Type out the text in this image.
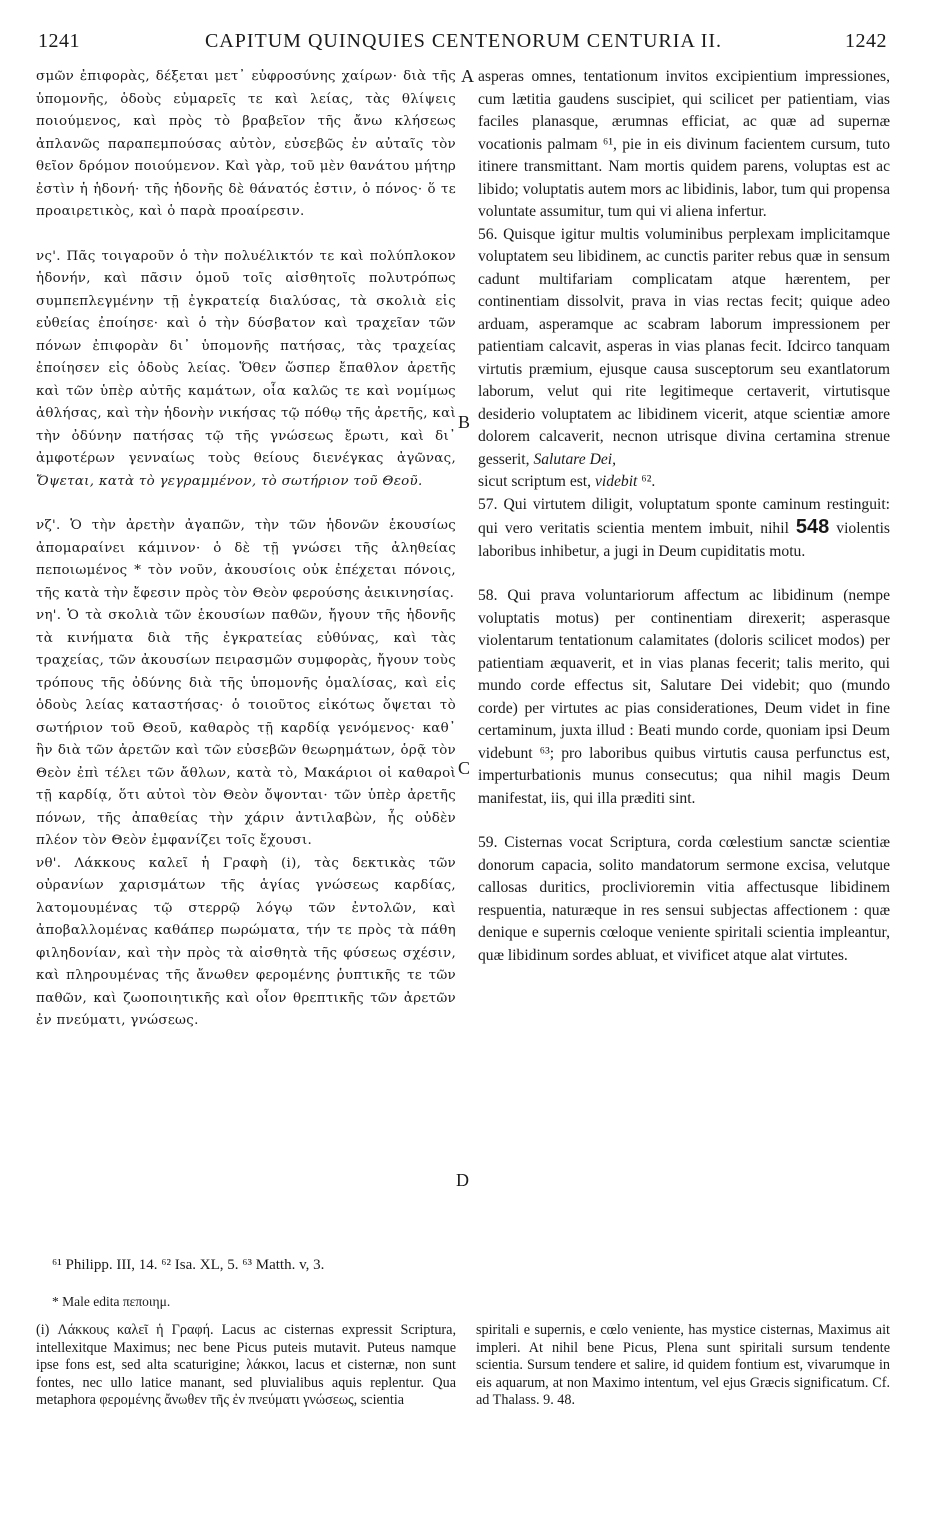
1241	CAPITUM QUINQUIES CENTENORUM CENTURIA II.	1242
A
B
C
D

σμῶν ἐπιφορὰς, δέξεται μετ᾽ εὐφροσύνης χαίρων· διὰ τῆς ὑπομονῆς, ὁδοὺς εὐμαρεῖς τε καὶ λείας, τὰς θλίψεις ποιούμενος, καὶ πρὸς τὸ βραβεῖον τῆς ἄνω κλήσεως ἀπλανῶς παραπεμπούσας αὐτὸν, εὐσεβῶς ἐν αὐταῖς τὸν θεῖον δρόμον ποιούμενον. Καὶ γὰρ, τοῦ μὲν θανάτου μήτηρ ἐστὶν ἡ ἡδονή· τῆς ἡδονῆς δὲ θάνατός ἐστιν, ὁ πόνος· ὅ τε προαιρετικὸς, καὶ ὁ παρὰ προαίρεσιν.

νς'. Πᾶς τοιγαροῦν ὁ τὴν πολυέλικτόν τε καὶ πολύπλοκον ἡδονήν, καὶ πᾶσιν ὁμοῦ τοῖς αἰσθητοῖς πολυτρόπως συμπεπλεγμένην τῇ ἐγκρατείᾳ διαλύσας, τὰ σκολιὰ εἰς εὐθείας ἐποίησε· καὶ ὁ τὴν δύσβατον καὶ τραχεῖαν τῶν πόνων ἐπιφορὰν δι᾽ ὑπομονῆς πατήσας, τὰς τραχείας ἐποίησεν εἰς ὁδοὺς λείας. Ὅθεν ὥσπερ ἔπαθλον ἀρετῆς καὶ τῶν ὑπὲρ αὐτῆς καμάτων, οἷα καλῶς τε καὶ νομίμως ἀθλήσας, καὶ τὴν ἡδονὴν νικήσας τῷ πόθῳ τῆς ἀρετῆς, καὶ τὴν ὀδύνην πατήσας τῷ τῆς γνώσεως ἔρωτι, καὶ δι᾽ ἀμφοτέρων γενναίως τοὺς θείους διενέγκας ἀγῶνας, Ὄψεται, κατὰ τὸ γεγραμμένον, τὸ σωτήριον τοῦ Θεοῦ.

νζ'. Ὁ τὴν ἀρετὴν ἀγαπῶν, τὴν τῶν ἡδονῶν ἑκουσίως ἀπομαραίνει κάμινον· ὁ δὲ τῇ γνώσει τῆς ἀληθείας πεποιωμένος * τὸν νοῦν, ἀκουσίοις οὐκ ἐπέχεται πόνοις, τῆς κατὰ τὴν ἔφεσιν πρὸς τὸν Θεὸν φερούσης ἀεικινησίας.

νη'. Ὁ τὰ σκολιὰ τῶν ἑκουσίων παθῶν, ἤγουν τῆς ἡδονῆς τὰ κινήματα διὰ τῆς ἐγκρατείας εὐθύνας, καὶ τὰς τραχείας, τῶν ἀκουσίων πειρασμῶν συμφορὰς, ἤγουν τοὺς τρόπους τῆς ὀδύνης διὰ τῆς ὑπομονῆς ὁμαλίσας, καὶ εἰς ὁδοὺς λείας καταστήσας· ὁ τοιοῦτος εἰκότως ὄψεται τὸ σωτήριον τοῦ Θεοῦ, καθαρὸς τῇ καρδίᾳ γενόμενος· καθ᾽ ἣν διὰ τῶν ἀρετῶν καὶ τῶν εὐσεβῶν θεωρημάτων, ὁρᾷ τὸν Θεὸν ἐπὶ τέλει τῶν ἄθλων, κατὰ τὸ, Μακάριοι οἱ καθαροὶ τῇ καρδίᾳ, ὅτι αὐτοὶ τὸν Θεὸν ὄψονται· τῶν ὑπὲρ ἀρετῆς πόνων, τῆς ἀπαθείας τὴν χάριν ἀντιλαβὼν, ἧς οὐδὲν πλέον τὸν Θεὸν ἐμφανίζει τοῖς ἔχουσι.

νθ'. Λάκκους καλεῖ ἡ Γραφὴ (i), τὰς δεκτικὰς τῶν οὐρανίων χαρισμάτων τῆς ἁγίας γνώσεως καρδίας, λατομουμένας τῷ στερρῷ λόγῳ τῶν ἐντολῶν, καὶ ἀποβαλλομένας καθάπερ πωρώματα, τήν τε πρὸς τὰ πάθη φιληδονίαν, καὶ τὴν πρὸς τὰ αἰσθητὰ τῆς φύσεως σχέσιν, καὶ πληρουμένας τῆς ἄνωθεν φερομένης ῥυπτικῆς τε τῶν παθῶν, καὶ ζωοποιητικῆς καὶ οἷον θρεπτικῆς τῶν ἀρετῶν ἐν πνεύματι, γνώσεως.

asperas omnes, tentationum invitos excipientium impressiones, cum lætitia gaudens suscipiet, qui scilicet per patientiam, vias faciles planasque, ærumnas efficiat, ac quæ ad supernæ vocationis palmam ⁶¹, pie in eis divinum facientem cursum, tuto itinere transmittant. Nam mortis quidem parens, voluptas est ac libido; voluptatis autem mors ac libidinis, labor, tum qui propensa voluntate assumitur, tum qui vi aliena infertur.

56. Quisque igitur multis voluminibus perplexam implicitamque voluptatem seu libidinem, ac cunctis pariter rebus quæ in sensum cadunt multifariam complicatam atque hærentem, per continentiam dissolvit, prava in vias rectas fecit; quique adeo arduam, asperamque ac scabram laborum impressionem per patientiam calcavit, asperas in vias planas fecit. Idcirco tanquam virtutis præmium, ejusque causa susceptorum seu exantlatorum laborum, velut qui rite legitimeque certaverit, virtutisque desiderio voluptatem ac libidinem vicerit, atque scientiæ amore dolorem calcaverit, necnon utrisque divina certamina strenue gesserit, Salutare Dei,
sicut scriptum est, videbit ⁶².

57. Qui virtutem diligit, voluptatum sponte caminum restinguit: qui vero veritatis scientia mentem imbuit, nihil 548 violentis laboribus inhibetur, a jugi in Deum cupiditatis motu.

58. Qui prava voluntariorum affectum ac libidinum (nempe voluptatis motus) per continentiam direxerit; asperasque violentarum tentationum calamitates (doloris scilicet modos) per patientiam æquaverit, et in vias planas fecerit; talis merito, qui mundo corde effectus sit, Salutare Dei videbit; quo (mundo corde) per virtutes ac pias considerationes, Deum videt in fine certaminum, juxta illud : Beati mundo corde, quoniam ipsi Deum videbunt ⁶³; pro laboribus quibus virtutis causa perfunctus est, imperturbationis munus consecutus; qua nihil magis Deum manifestat, iis, qui illa præditi sint.

59. Cisternas vocat Scriptura, corda cœlestium sanctæ scientiæ donorum capacia, solito mandatorum sermone excisa, velutque callosas duritics, proclivioremin vitia affectusque libidinem respuentia, naturæque in res sensui subjectas affectionem : quæ denique e supernis cœloque veniente spiritali scientia impleantur, quæ libidinum sordes abluat, et vivificet atque alat virtutes.

⁶¹ Philipp. III, 14. ⁶² Isa. XL, 5. ⁶³ Matth. v, 3.
* Male edita πεποιημ.
(i) Λάκκους καλεῖ ἡ Γραφή. Lacus ac cisternas expressit Scriptura, intellexitque Maximus; nec bene Picus puteis mutavit. Puteus namque ipse fons est, sed alta scaturigine; λάκκοι, lacus et cisternæ, non sunt fontes, nec ullo latice manant, sed pluvialibus aquis replentur. Qua metaphora φερομένης ἄνωθεν τῆς ἐν πνεύματι γνώσεως, scientia
spiritali e supernis, e cœlo veniente, has mystice cisternas, Maximus ait impleri. At nihil bene Picus, Plena sunt spiritali sursum tendente scientia. Sursum tendere et salire, id quidem fontium est, vivarumque in eis aquarum, at non Maximo intentum, vel ejus Græcis significatum. Cf. ad Thalass. 9. 48.
